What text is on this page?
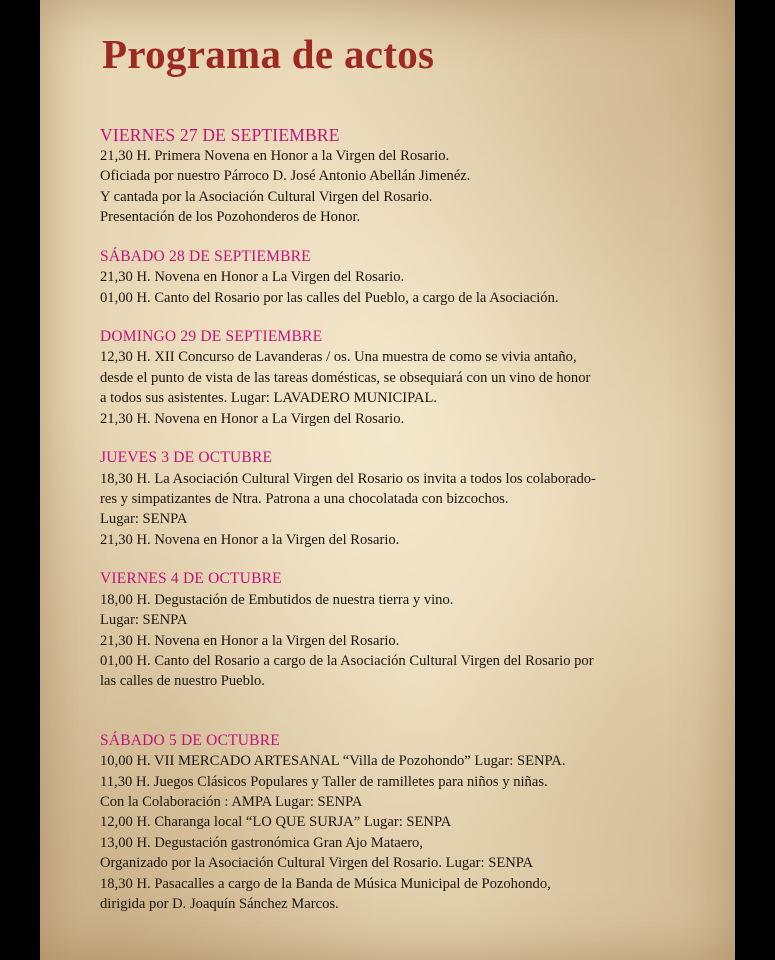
Programa de actos
VIERNES 27 DE SEPTIEMBRE
21,30 H. Primera Novena en Honor a la Virgen del Rosario.
Oficiada por nuestro Párroco D. José Antonio Abellán Jimenéz.
Y cantada por la Asociación Cultural Virgen del Rosario.
Presentación de los Pozohonderos de Honor.
SÁBADO 28 DE SEPTIEMBRE
21,30 H. Novena en Honor a La Virgen del Rosario.
01,00 H. Canto del Rosario por las calles del Pueblo, a cargo de la Asociación.
DOMINGO 29 DE SEPTIEMBRE
12,30 H. XII Concurso de Lavanderas / os. Una muestra de como se vivia antaño,
desde el punto de vista de las tareas domésticas, se obsequiará con un vino de honor
a todos sus asistentes. Lugar: LAVADERO MUNICIPAL.
21,30 H. Novena en Honor a La Virgen del Rosario.
JUEVES 3 DE OCTUBRE
18,30 H. La Asociación Cultural Virgen del Rosario os invita a todos los colaborado-
res y simpatizantes de Ntra. Patrona a una chocolatada con bizcochos.
Lugar: SENPA
21,30 H. Novena en Honor a la Virgen del Rosario.
VIERNES 4 DE OCTUBRE
18,00 H. Degustación de Embutidos de nuestra tierra y vino.
Lugar: SENPA
21,30 H. Novena en Honor a la Virgen del Rosario.
01,00 H. Canto del Rosario a cargo de la Asociación Cultural Virgen del Rosario por
las calles de nuestro Pueblo.
SÁBADO 5 DE OCTUBRE
10,00 H. VII MERCADO ARTESANAL “Villa de Pozohondo” Lugar: SENPA.
11,30 H. Juegos Clásicos Populares y Taller de ramilletes para niños y niñas.
Con la Colaboración : AMPA Lugar: SENPA
12,00 H. Charanga local “LO QUE SURJA” Lugar: SENPA
13,00 H. Degustación gastronómica Gran Ajo Mataero,
Organizado por la Asociación Cultural Virgen del Rosario. Lugar: SENPA
18,30 H. Pasacalles a cargo de la Banda de Música Municipal de Pozohondo,
dirigida por D. Joaquín Sánchez Marcos.
